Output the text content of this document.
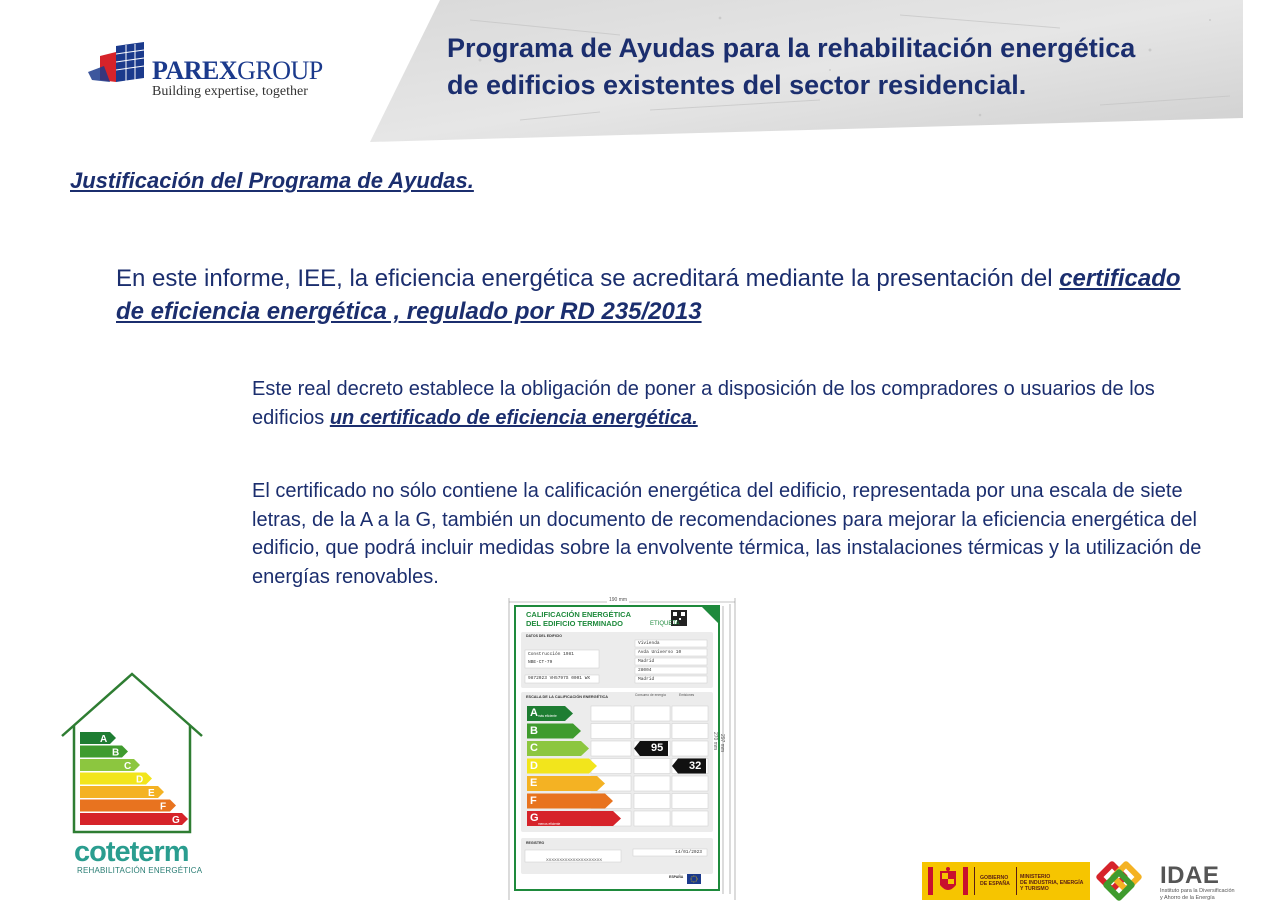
Programa de Ayudas para la rehabilitación energética
de edificios existentes del sector residencial.
PAREXGROUP
Building expertise, together
Justificación del Programa de Ayudas.
En este informe, IEE, la eficiencia energética se acreditará mediante la presentación del certificado de eficiencia energética , regulado por RD 235/2013
Este real decreto establece la obligación de poner a disposición de los compradores o usuarios de los edificios un certificado de eficiencia energética.
El certificado no sólo contiene la calificación energética del edificio, representada por una escala de siete letras, de la A a la G, también un documento de recomendaciones para mejorar la eficiencia energética del edificio, que podrá incluir medidas sobre la envolvente térmica, las instalaciones térmicas y la utilización de energías renovables.
A
B
C
D
E
F
G
coteterm
REHABILITACIÓN ENERGÉTICA
190 mm
297 mm
270 mm
CALIFICACIÓN ENERGÉTICA
DEL EDIFICIO TERMINADO	ETIQUETA
DATOS DEL EDIFICIO
Vivienda
Avda Universo 10
Madrid
28004
Madrid
Construcción 1981
NBE-CT-79
9872023 VH5797S 0001 WX
ESCALA DE LA CALIFICACIÓN ENERGÉTICA	Consumo de energía	Emisiones
más eficiente
menos eficiente
A
B
C
D
E
F
G
95
32
REGISTRO
XXXXXXXXXXXXXXXXXXXXX
14/01/2023
ESPAÑA	GOBIERNO
DE ESPAÑA
MINISTERIO
DE INDUSTRIA, ENERGÍA
Y TURISMO	IDAE
Instituto para la Diversificación
y Ahorro de la Energía
